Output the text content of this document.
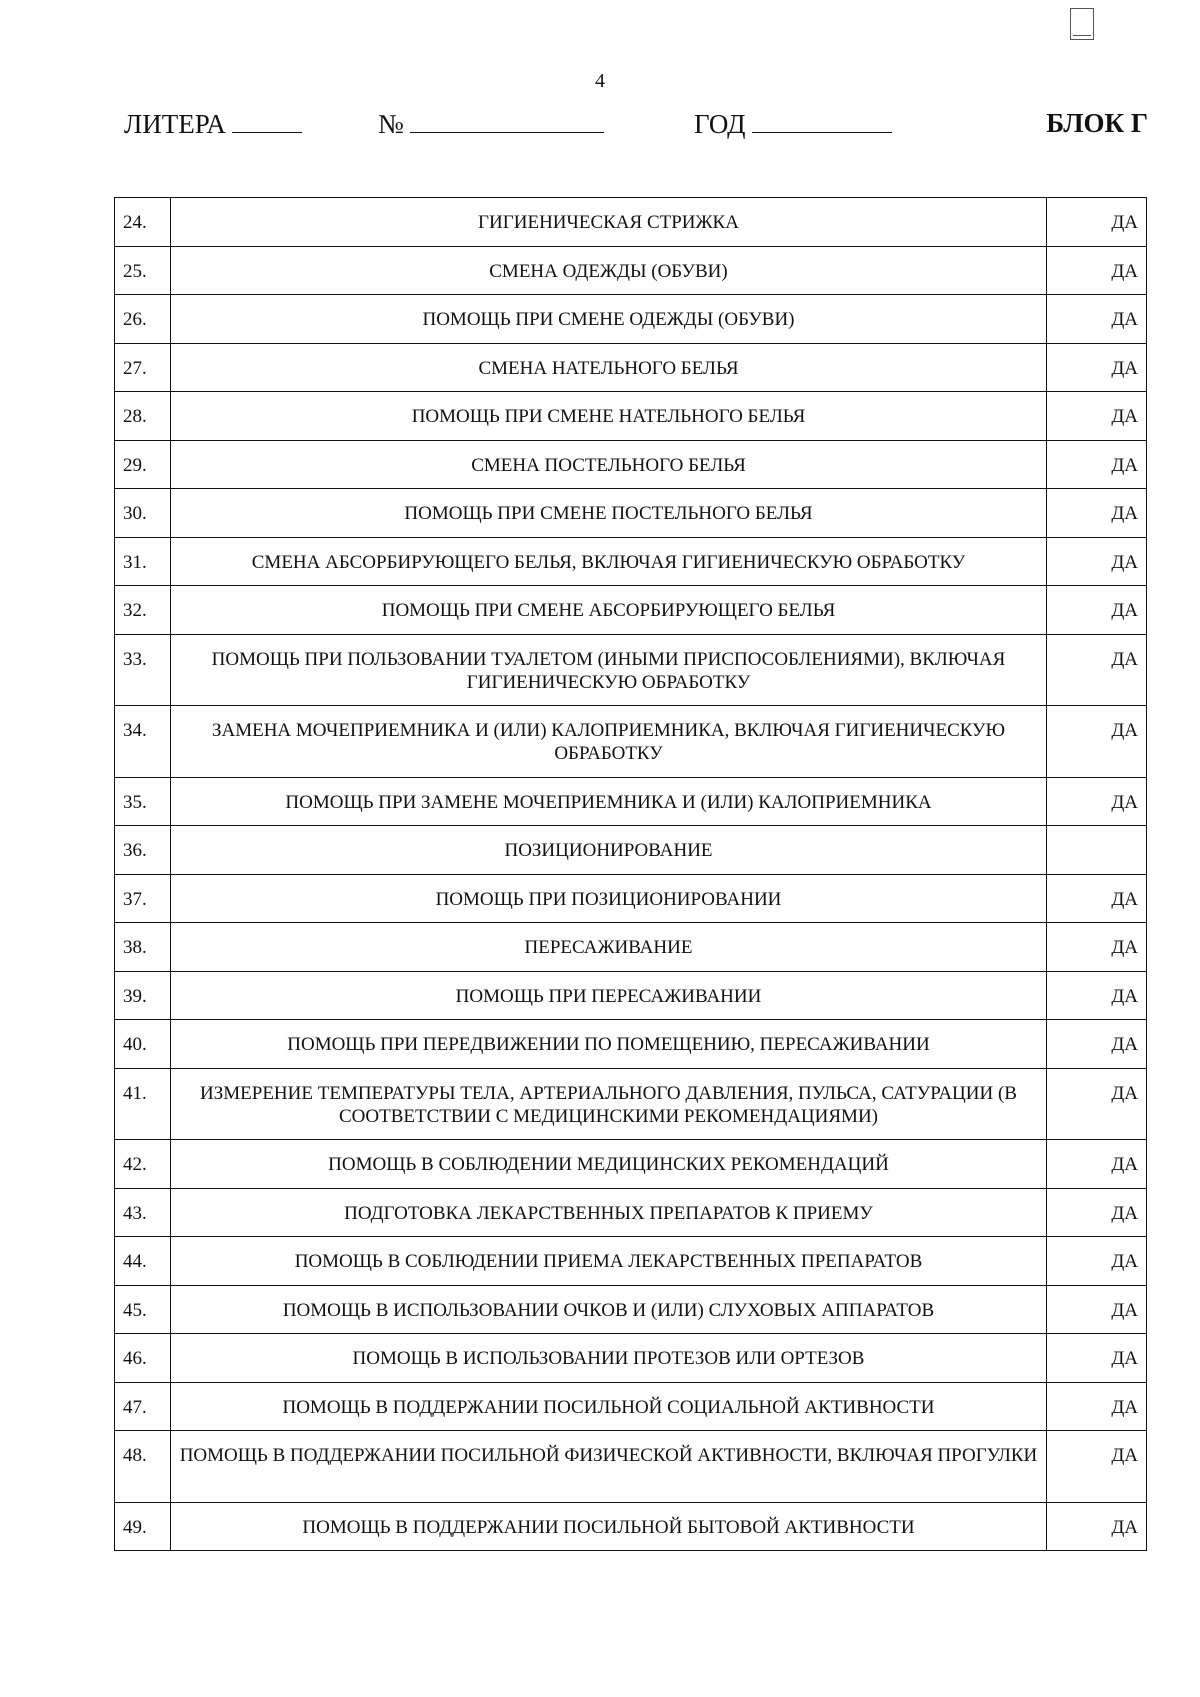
4
ЛИТЕРА	№	ГОД	БЛОК Г
24.	ГИГИЕНИЧЕСКАЯ СТРИЖКА	ДА
25.	СМЕНА ОДЕЖДЫ (ОБУВИ)	ДА
26.	ПОМОЩЬ ПРИ СМЕНЕ ОДЕЖДЫ (ОБУВИ)	ДА
27.	СМЕНА НАТЕЛЬНОГО БЕЛЬЯ	ДА
28.	ПОМОЩЬ ПРИ СМЕНЕ НАТЕЛЬНОГО БЕЛЬЯ	ДА
29.	СМЕНА ПОСТЕЛЬНОГО БЕЛЬЯ	ДА
30.	ПОМОЩЬ ПРИ СМЕНЕ ПОСТЕЛЬНОГО БЕЛЬЯ	ДА
31.	СМЕНА АБСОРБИРУЮЩЕГО БЕЛЬЯ, ВКЛЮЧАЯ ГИГИЕНИЧЕСКУЮ ОБРАБОТКУ	ДА
32.	ПОМОЩЬ ПРИ СМЕНЕ АБСОРБИРУЮЩЕГО БЕЛЬЯ	ДА
33.	ПОМОЩЬ ПРИ ПОЛЬЗОВАНИИ ТУАЛЕТОМ (ИНЫМИ ПРИСПОСОБЛЕНИЯМИ), ВКЛЮЧАЯ ГИГИЕНИЧЕСКУЮ ОБРАБОТКУ	ДА
34.	ЗАМЕНА МОЧЕПРИЕМНИКА И (ИЛИ) КАЛОПРИЕМНИКА, ВКЛЮЧАЯ ГИГИЕНИЧЕСКУЮ ОБРАБОТКУ	ДА
35.	ПОМОЩЬ ПРИ ЗАМЕНЕ МОЧЕПРИЕМНИКА И (ИЛИ) КАЛОПРИЕМНИКА	ДА
36.	ПОЗИЦИОНИРОВАНИЕ	
37.	ПОМОЩЬ ПРИ ПОЗИЦИОНИРОВАНИИ	ДА
38.	ПЕРЕСАЖИВАНИЕ	ДА
39.	ПОМОЩЬ ПРИ ПЕРЕСАЖИВАНИИ	ДА
40.	ПОМОЩЬ ПРИ ПЕРЕДВИЖЕНИИ ПО ПОМЕЩЕНИЮ, ПЕРЕСАЖИВАНИИ	ДА
41.	ИЗМЕРЕНИЕ ТЕМПЕРАТУРЫ ТЕЛА, АРТЕРИАЛЬНОГО ДАВЛЕНИЯ, ПУЛЬСА, САТУРАЦИИ (В СООТВЕТСТВИИ С МЕДИЦИНСКИМИ РЕКОМЕНДАЦИЯМИ)	ДА
42.	ПОМОЩЬ В СОБЛЮДЕНИИ МЕДИЦИНСКИХ РЕКОМЕНДАЦИЙ	ДА
43.	ПОДГОТОВКА ЛЕКАРСТВЕННЫХ ПРЕПАРАТОВ К ПРИЕМУ	ДА
44.	ПОМОЩЬ В СОБЛЮДЕНИИ ПРИЕМА ЛЕКАРСТВЕННЫХ ПРЕПАРАТОВ	ДА
45.	ПОМОЩЬ В ИСПОЛЬЗОВАНИИ ОЧКОВ И (ИЛИ) СЛУХОВЫХ АППАРАТОВ	ДА
46.	ПОМОЩЬ В ИСПОЛЬЗОВАНИИ ПРОТЕЗОВ ИЛИ ОРТЕЗОВ	ДА
47.	ПОМОЩЬ В ПОДДЕРЖАНИИ ПОСИЛЬНОЙ СОЦИАЛЬНОЙ АКТИВНОСТИ	ДА
48.	ПОМОЩЬ В ПОДДЕРЖАНИИ ПОСИЛЬНОЙ ФИЗИЧЕСКОЙ АКТИВНОСТИ, ВКЛЮЧАЯ ПРОГУЛКИ	ДА
49.	ПОМОЩЬ В ПОДДЕРЖАНИИ ПОСИЛЬНОЙ БЫТОВОЙ АКТИВНОСТИ	ДА
